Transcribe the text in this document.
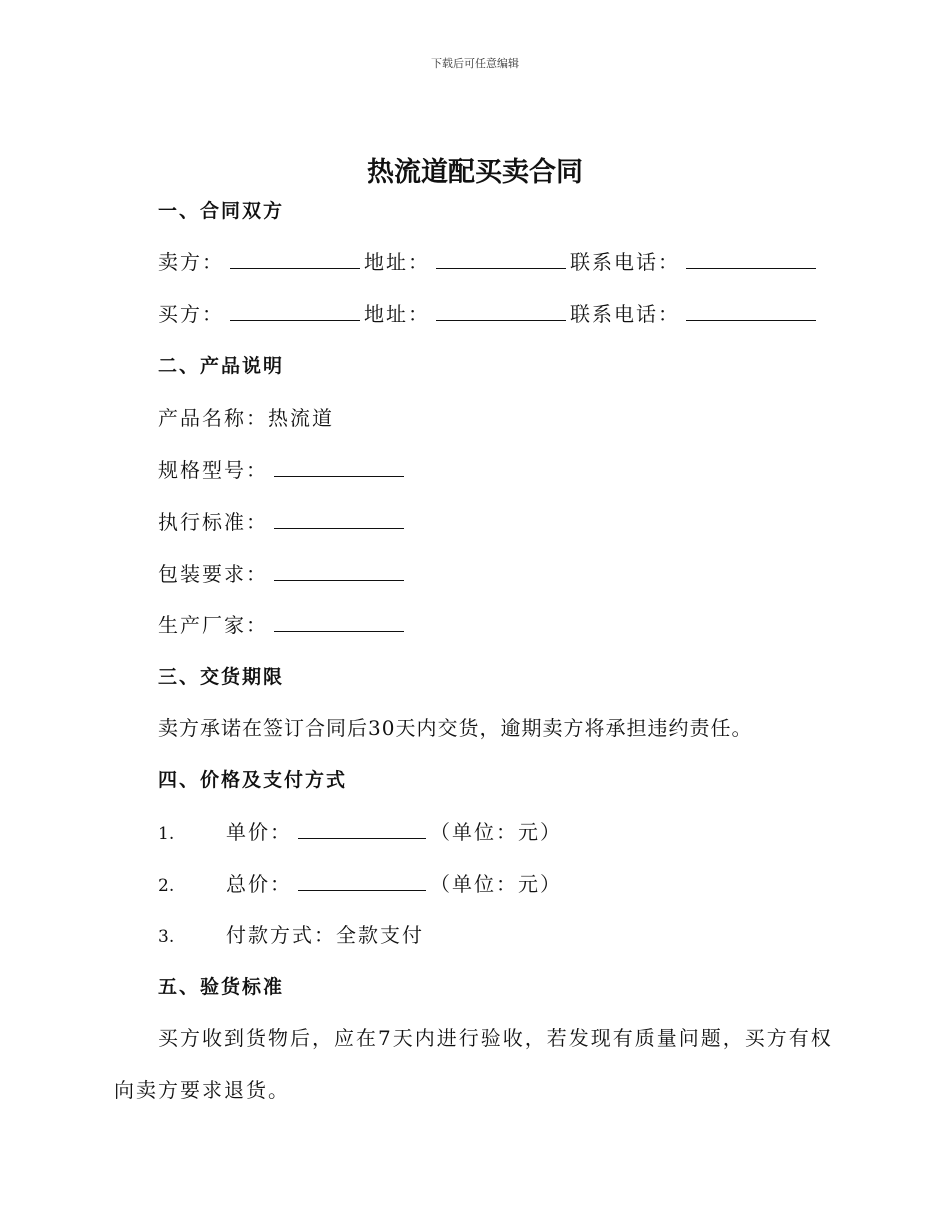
下载后可任意编辑
热流道配买卖合同
一、合同双方
卖方：	地址：	联系电话：
买方：	地址：	联系电话：
二、产品说明
产品名称：热流道
规格型号：
执行标准：
包装要求：
生产厂家：
三、交货期限
卖方承诺在签订合同后30天内交货，逾期卖方将承担违约责任。
四、价格及支付方式
1.	单价：	（单位：元）
2.	总价：	（单位：元）
3.	付款方式：全款支付
五、验货标准
买方收到货物后，应在7天内进行验收，若发现有质量问题，买方有权向卖方要求退货。
